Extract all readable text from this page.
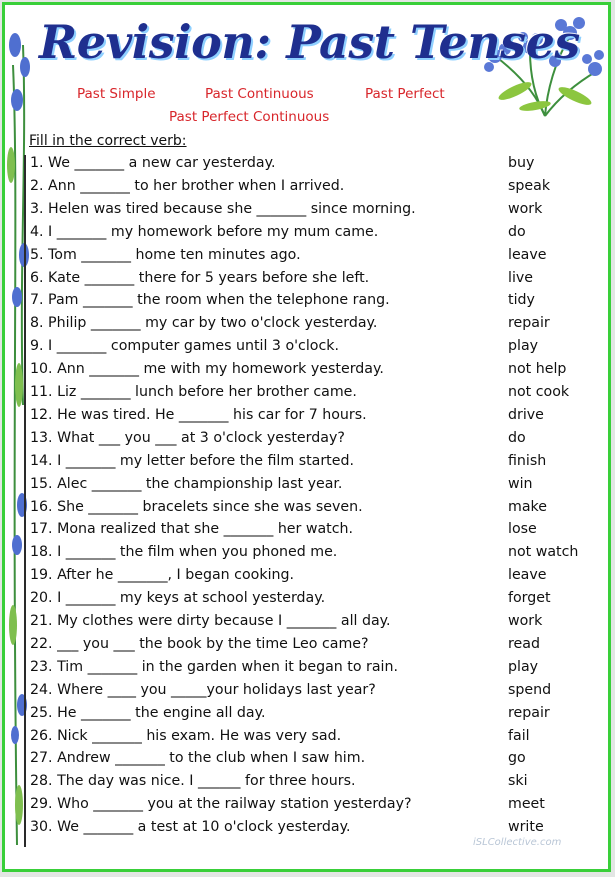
Revision: Past Tenses
Past Simple	Past Continuous	Past Perfect
Past Perfect Continuous
Fill in the correct verb:
1. We _______ a new car yesterday.	buy
2. Ann _______ to her brother when I arrived.	speak
3. Helen was tired because she _______ since morning.	work
4. I _______ my homework before my mum came.	do
5. Tom _______ home ten minutes ago.	leave
6. Kate _______ there for 5 years before she left.	live
7. Pam _______ the room when the telephone rang.	tidy
8. Philip _______ my car by two o'clock yesterday.	repair
9. I _______ computer games until 3 o'clock.	play
10. Ann _______ me with my homework yesterday.	not help
11. Liz _______ lunch before her brother came.	not cook
12. He was tired. He _______ his car for 7 hours.	drive
13. What ___ you ___ at 3 o'clock yesterday?	do
14. I _______ my letter before the film started.	finish
15. Alec _______ the championship last year.	win
16. She _______ bracelets since she was seven.	make
17. Mona realized that she _______ her watch.	lose
18. I _______ the film when you phoned me.	not watch
19. After he _______, I began cooking.	leave
20. I _______ my keys at school yesterday.	forget
21. My clothes were dirty because I _______ all day.	work
22. ___ you ___ the book by the time Leo came?	read
23. Tim _______ in the garden when it began to rain.	play
24. Where ____ you _____your holidays last year?	spend
25. He _______ the engine all day.	repair
26. Nick _______ his exam. He was very sad.	fail
27. Andrew _______ to the club when I saw him.	go
28. The day was nice. I ______ for three hours.	ski
29. Who _______ you at the railway station yesterday?	meet
30. We _______ a test at 10 o'clock yesterday.	write
iSLCollective.com
